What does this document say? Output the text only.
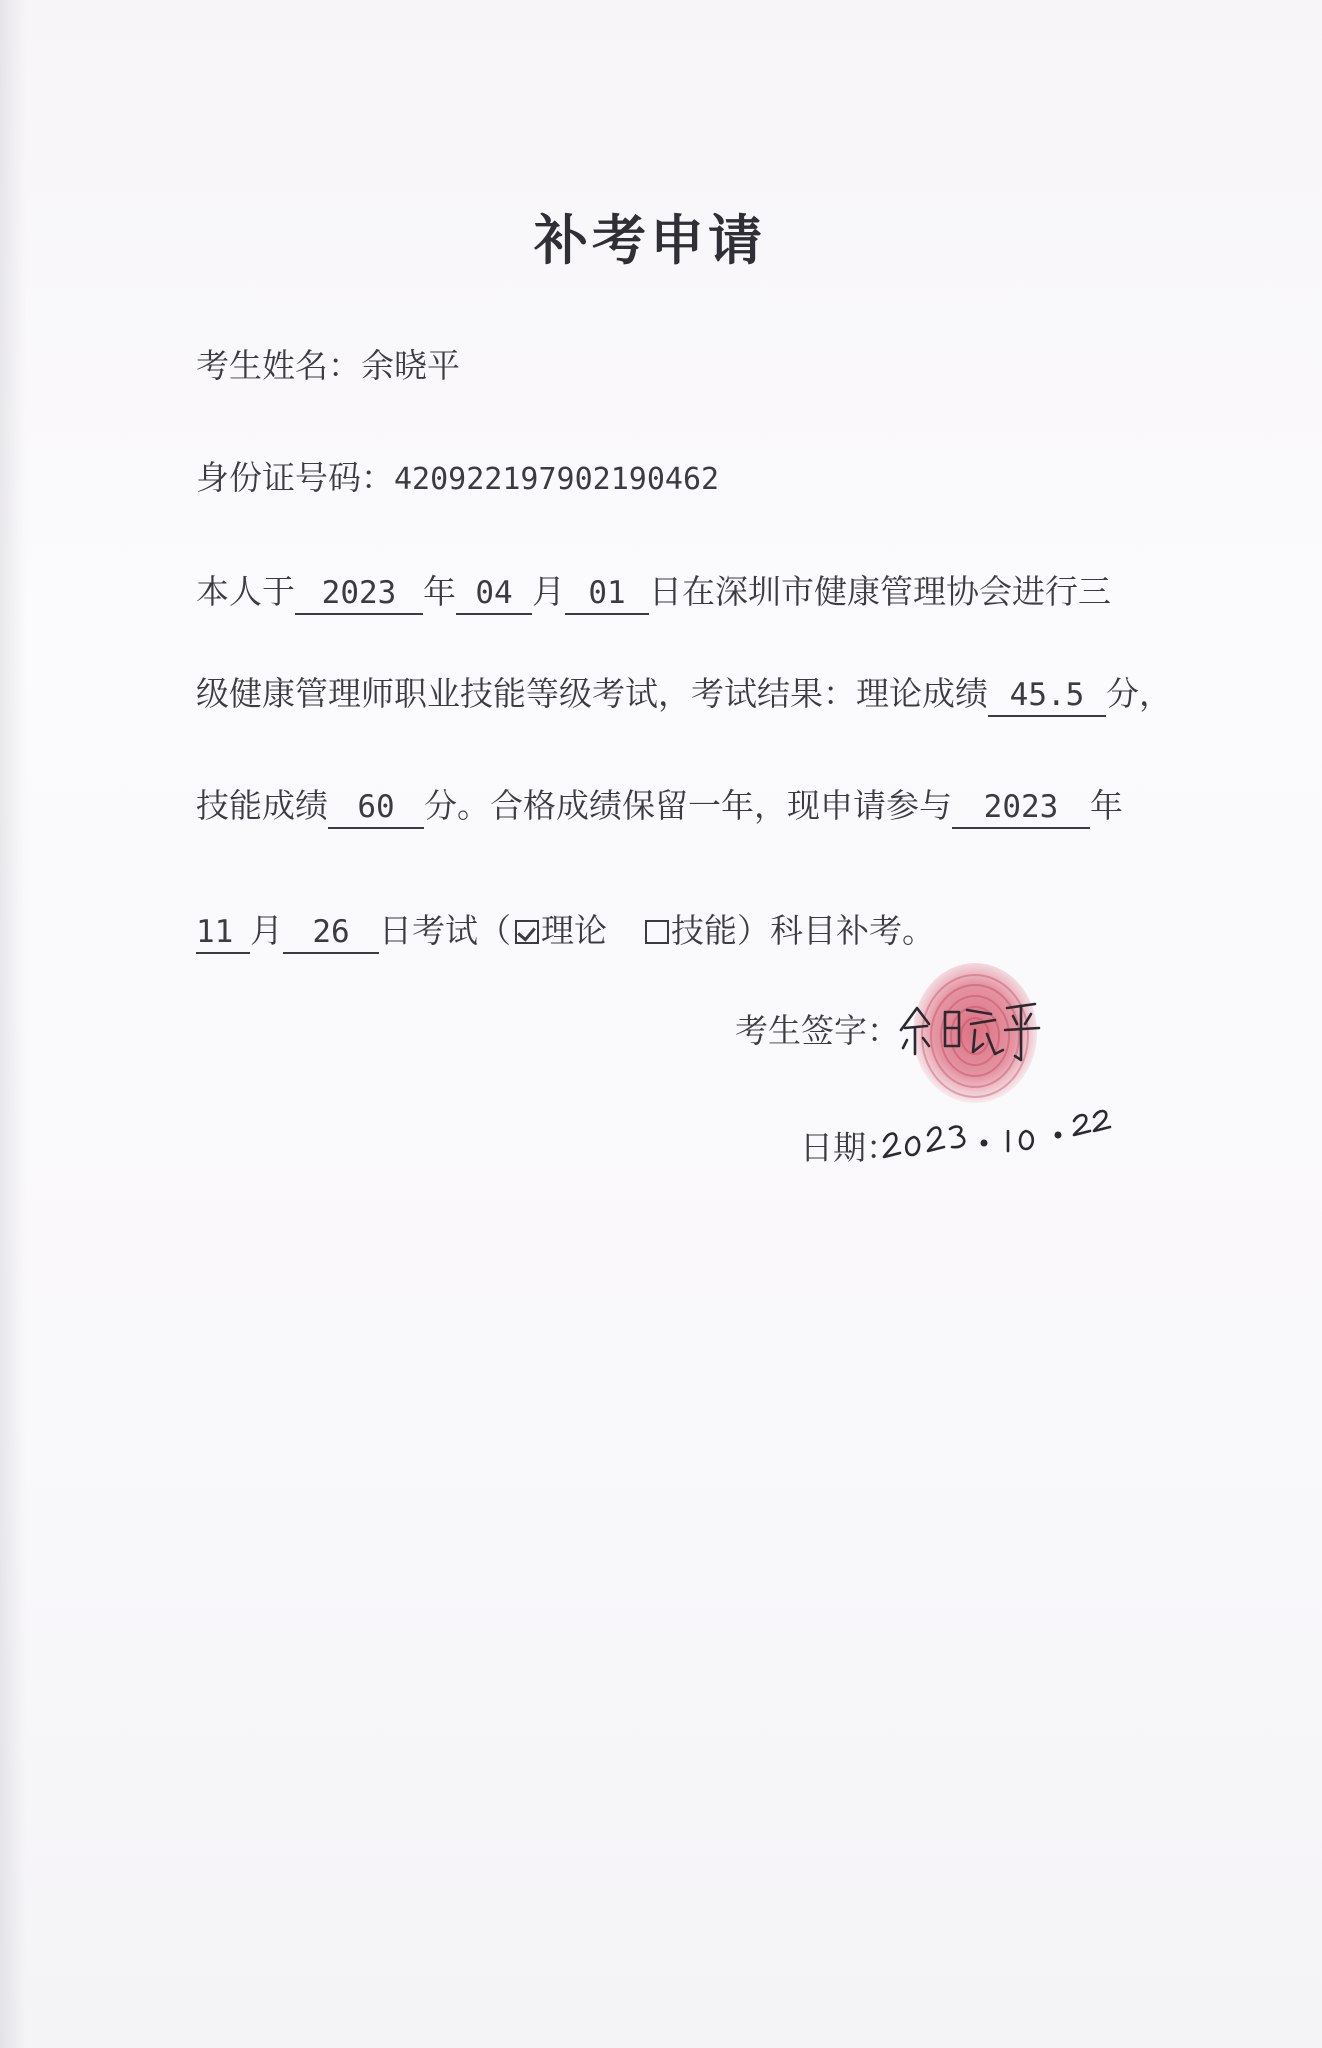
补考申请
考生姓名：余晓平
身份证号码：420922197902190462
本人于 2023 年 04 月 01 日在深圳市健康管理协会进行三
级健康管理师职业技能等级考试，考试结果：理论成绩 45.5 分，
技能成绩 60 分。合格成绩保留一年，现申请参与 2023 年
11 月 26 日考试（ 理论 技能）科目补考。
考生签字：
日期：
